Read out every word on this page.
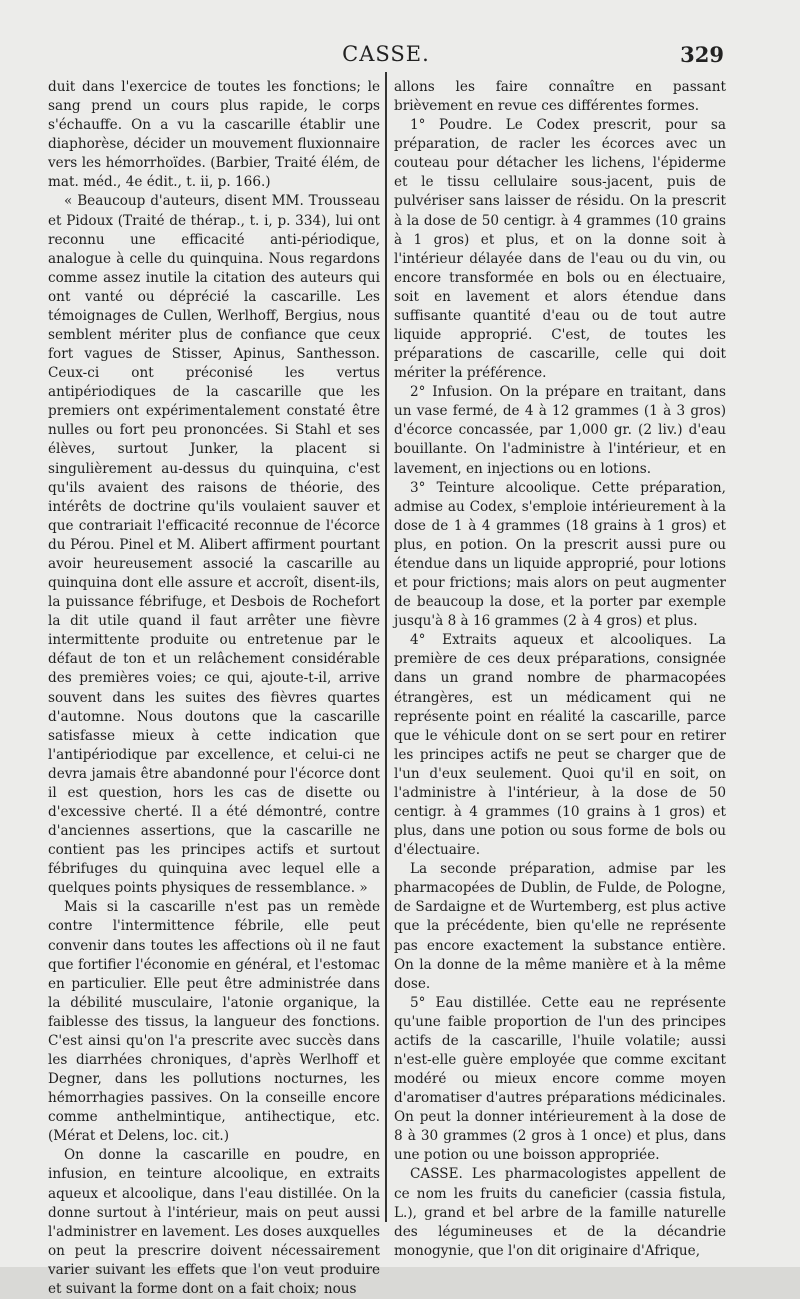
CASSE.	329

duit dans l'exercice de toutes les fonctions; le sang prend un cours plus rapide, le corps s'échauffe. On a vu la cascarille établir une diaphorèse, décider un mouvement fluxionnaire vers les hémorrhoïdes. (Barbier, Traité élém, de mat. méd., 4e édit., t. ii, p. 166.)

« Beaucoup d'auteurs, disent MM. Trousseau et Pidoux (Traité de thérap., t. i, p. 334), lui ont reconnu une efficacité anti-périodique, analogue à celle du quinquina. Nous regardons comme assez inutile la citation des auteurs qui ont vanté ou déprécié la cascarille. Les témoignages de Cullen, Werlhoff, Bergius, nous semblent mériter plus de confiance que ceux fort vagues de Stisser, Apinus, Santhesson. Ceux-ci ont préconisé les vertus antipériodiques de la cascarille que les premiers ont expérimentalement constaté être nulles ou fort peu prononcées. Si Stahl et ses élèves, surtout Junker, la placent si singulièrement au-dessus du quinquina, c'est qu'ils avaient des raisons de théorie, des intérêts de doctrine qu'ils voulaient sauver et que contrariait l'efficacité reconnue de l'écorce du Pérou. Pinel et M. Alibert affirment pourtant avoir heureusement associé la cascarille au quinquina dont elle assure et accroît, disent-ils, la puissance fébrifuge, et Desbois de Rochefort la dit utile quand il faut arrêter une fièvre intermittente produite ou entretenue par le défaut de ton et un relâchement considérable des premières voies; ce qui, ajoute-t-il, arrive souvent dans les suites des fièvres quartes d'automne. Nous doutons que la cascarille satisfasse mieux à cette indication que l'antipériodique par excellence, et celui-ci ne devra jamais être abandonné pour l'écorce dont il est question, hors les cas de disette ou d'excessive cherté. Il a été démontré, contre d'anciennes assertions, que la cascarille ne contient pas les principes actifs et surtout fébrifuges du quinquina avec lequel elle a quelques points physiques de ressemblance. »

Mais si la cascarille n'est pas un remède contre l'intermittence fébrile, elle peut convenir dans toutes les affections où il ne faut que fortifier l'économie en général, et l'estomac en particulier. Elle peut être administrée dans la débilité musculaire, l'atonie organique, la faiblesse des tissus, la langueur des fonctions. C'est ainsi qu'on l'a prescrite avec succès dans les diarrhées chroniques, d'après Werlhoff et Degner, dans les pollutions nocturnes, les hémorrhagies passives. On la conseille encore comme anthelmintique, antihectique, etc. (Mérat et Delens, loc. cit.)

On donne la cascarille en poudre, en infusion, en teinture alcoolique, en extraits aqueux et alcoolique, dans l'eau distillée. On la donne surtout à l'intérieur, mais on peut aussi l'administrer en lavement. Les doses auxquelles on peut la prescrire doivent nécessairement varier suivant les effets que l'on veut produire et suivant la forme dont on a fait choix; nous

allons les faire connaître en passant brièvement en revue ces différentes formes.

1° Poudre. Le Codex prescrit, pour sa préparation, de racler les écorces avec un couteau pour détacher les lichens, l'épiderme et le tissu cellulaire sous-jacent, puis de pulvériser sans laisser de résidu. On la prescrit à la dose de 50 centigr. à 4 grammes (10 grains à 1 gros) et plus, et on la donne soit à l'intérieur délayée dans de l'eau ou du vin, ou encore transformée en bols ou en électuaire, soit en lavement et alors étendue dans suffisante quantité d'eau ou de tout autre liquide approprié. C'est, de toutes les préparations de cascarille, celle qui doit mériter la préférence.

2° Infusion. On la prépare en traitant, dans un vase fermé, de 4 à 12 grammes (1 à 3 gros) d'écorce concassée, par 1,000 gr. (2 liv.) d'eau bouillante. On l'administre à l'intérieur, et en lavement, en injections ou en lotions.

3° Teinture alcoolique. Cette préparation, admise au Codex, s'emploie intérieurement à la dose de 1 à 4 grammes (18 grains à 1 gros) et plus, en potion. On la prescrit aussi pure ou étendue dans un liquide approprié, pour lotions et pour frictions; mais alors on peut augmenter de beaucoup la dose, et la porter par exemple jusqu'à 8 à 16 grammes (2 à 4 gros) et plus.

4° Extraits aqueux et alcooliques. La première de ces deux préparations, consignée dans un grand nombre de pharmacopées étrangères, est un médicament qui ne représente point en réalité la cascarille, parce que le véhicule dont on se sert pour en retirer les principes actifs ne peut se charger que de l'un d'eux seulement. Quoi qu'il en soit, on l'administre à l'intérieur, à la dose de 50 centigr. à 4 grammes (10 grains à 1 gros) et plus, dans une potion ou sous forme de bols ou d'électuaire.

La seconde préparation, admise par les pharmacopées de Dublin, de Fulde, de Pologne, de Sardaigne et de Wurtemberg, est plus active que la précédente, bien qu'elle ne représente pas encore exactement la substance entière. On la donne de la même manière et à la même dose.

5° Eau distillée. Cette eau ne représente qu'une faible proportion de l'un des principes actifs de la cascarille, l'huile volatile; aussi n'est-elle guère employée que comme excitant modéré ou mieux encore comme moyen d'aromatiser d'autres préparations médicinales. On peut la donner intérieurement à la dose de 8 à 30 grammes (2 gros à 1 once) et plus, dans une potion ou une boisson appropriée.

CASSE. Les pharmacologistes appellent de ce nom les fruits du caneficier (cassia fistula, L.), grand et bel arbre de la famille naturelle des légumineuses et de la décandrie monogynie, que l'on dit originaire d'Afrique,
